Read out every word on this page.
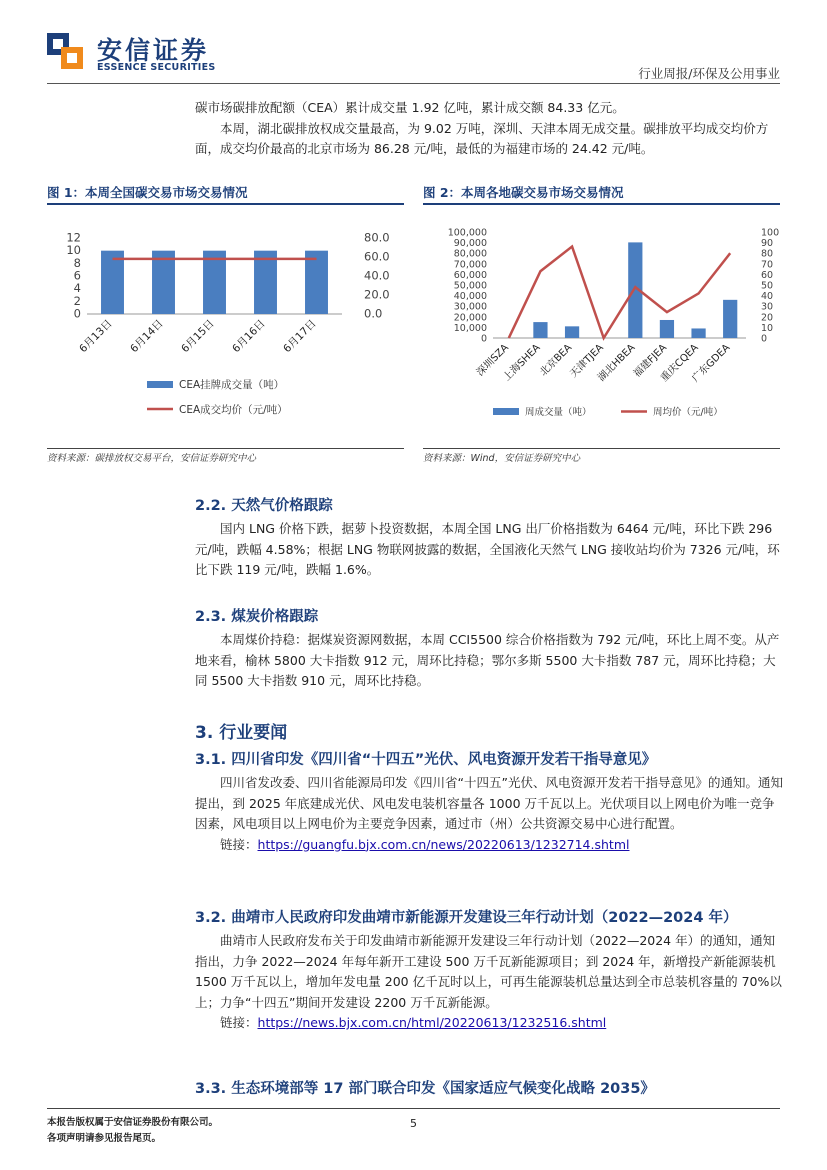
安信证券
ESSENCE SECURITIES	行业周报/环保及公用事业

碳市场碳排放配额（CEA）累计成交量 1.92 亿吨，累计成交额 84.33 亿元。

本周，湖北碳排放权成交量最高，为 9.02 万吨，深圳、天津本周无成交量。碳排放平均成交均价方面，成交均价最高的北京市场为 86.28 元/吨，最低的为福建市场的 24.42 元/吨。

图 1：本周全国碳交易市场交易情况
0
2
4
6
8
10
12
0.0
20.0
40.0
60.0
80.0
6月13日 6月14日 6月15日 6月16日 6月17日
CEA挂牌成交量（吨）
CEA成交均价（元/吨）
资料来源：碳排放权交易平台，安信证券研究中心
图 2：本周各地碳交易市场交易情况
0
10,000
20,000
30,000
40,000
50,000
60,000
70,000
80,000
90,000
100,000
0
10
20
30
40
50
60
70
80
90
100
深圳SZA
上海SHEA
北京BEA
天津TJEA
湖北HBEA
福建FJEA
重庆CQEA
广东GDEA
周成交量（吨）	周均价（元/吨）
资料来源：Wind，安信证券研究中心
2.2. 天然气价格跟踪

国内 LNG 价格下跌，据萝卜投资数据，本周全国 LNG 出厂价格指数为 6464 元/吨，环比下跌 296 元/吨，跌幅 4.58%；根据 LNG 物联网披露的数据，全国液化天然气 LNG 接收站均价为 7326 元/吨，环比下跌 119 元/吨，跌幅 1.6%。

2.3. 煤炭价格跟踪

本周煤价持稳：据煤炭资源网数据，本周 CCI5500 综合价格指数为 792 元/吨，环比上周不变。从产地来看，榆林 5800 大卡指数 912 元，周环比持稳；鄂尔多斯 5500 大卡指数 787 元，周环比持稳；大同 5500 大卡指数 910 元，周环比持稳。

3. 行业要闻
3.1. 四川省印发《四川省“十四五”光伏、风电资源开发若干指导意见》

四川省发改委、四川省能源局印发《四川省“十四五”光伏、风电资源开发若干指导意见》的通知。通知提出，到 2025 年底建成光伏、风电发电装机容量各 1000 万千瓦以上。光伏项目以上网电价为唯一竞争因素，风电项目以上网电价为主要竞争因素，通过市（州）公共资源交易中心进行配置。

链接：https://guangfu.bjx.com.cn/news/20220613/1232714.shtml

3.2. 曲靖市人民政府印发曲靖市新能源开发建设三年行动计划（2022—2024 年）

曲靖市人民政府发布关于印发曲靖市新能源开发建设三年行动计划（2022—2024 年）的通知，通知指出，力争 2022—2024 年每年新开工建设 500 万千瓦新能源项目；到 2024 年，新增投产新能源装机 1500 万千瓦以上，增加年发电量 200 亿千瓦时以上，可再生能源装机总量达到全市总装机容量的 70%以上；力争“十四五”期间开发建设 2200 万千瓦新能源。

链接：https://news.bjx.com.cn/html/20220613/1232516.shtml

3.3. 生态环境部等 17 部门联合印发《国家适应气候变化战略 2035》
本报告版权属于安信证券股份有限公司。
各项声明请参见报告尾页。
5
